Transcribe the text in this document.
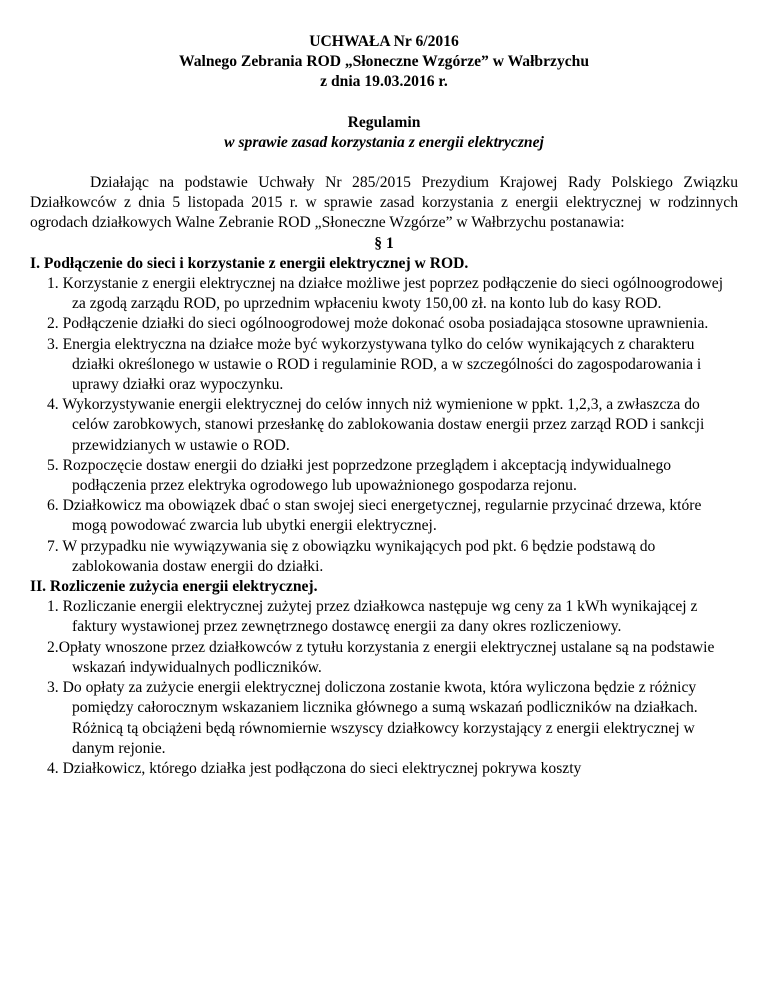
UCHWAŁA Nr 6/2016
Walnego Zebrania ROD „Słoneczne Wzgórze” w Wałbrzychu
z dnia 19.03.2016 r.
Regulamin
w sprawie zasad korzystania z energii elektrycznej

Działając na podstawie Uchwały Nr 285/2015 Prezydium Krajowej Rady Polskiego Związku Działkowców z dnia 5 listopada 2015 r. w sprawie zasad korzystania z energii elektrycznej w rodzinnych ogrodach działkowych Walne Zebranie ROD „Słoneczne Wzgórze” w Wałbrzychu postanawia:

§ 1

I. Podłączenie do sieci i korzystanie z energii elektrycznej w ROD.

1. Korzystanie z energii elektrycznej na działce możliwe jest poprzez podłączenie do sieci ogólnoogrodowej za zgodą zarządu ROD, po uprzednim wpłaceniu kwoty 150,00 zł. na konto lub do kasy ROD.
2. Podłączenie działki do sieci ogólnoogrodowej może dokonać osoba posiadająca stosowne uprawnienia.
3. Energia elektryczna na działce może być wykorzystywana tylko do celów wynikających z charakteru działki określonego w ustawie o ROD i regulaminie ROD, a w szczególności do zagospodarowania i uprawy działki oraz wypoczynku.
4. Wykorzystywanie energii elektrycznej do celów innych niż wymienione w ppkt. 1,2,3, a zwłaszcza do celów zarobkowych, stanowi przesłankę do zablokowania dostaw energii przez zarząd ROD i sankcji przewidzianych w ustawie o ROD.
5. Rozpoczęcie dostaw energii do działki jest poprzedzone przeglądem i akceptacją indywidualnego podłączenia przez elektryka ogrodowego lub upoważnionego gospodarza rejonu.
6. Działkowicz ma obowiązek dbać o stan swojej sieci energetycznej, regularnie przycinać drzewa, które mogą powodować zwarcia lub ubytki energii elektrycznej.
7. W przypadku nie wywiązywania się z obowiązku wynikających pod pkt. 6 będzie podstawą do zablokowania dostaw energii do działki.

II. Rozliczenie zużycia energii elektrycznej.

1. Rozliczanie energii elektrycznej zużytej przez działkowca następuje wg ceny za 1 kWh wynikającej z faktury wystawionej przez zewnętrznego dostawcę energii za dany okres rozliczeniowy.
2.Opłaty wnoszone przez działkowców z tytułu korzystania z energii elektrycznej ustalane są na podstawie wskazań indywidualnych podliczników.
3. Do opłaty za zużycie energii elektrycznej doliczona zostanie kwota, która wyliczona będzie z różnicy pomiędzy całorocznym wskazaniem licznika głównego a sumą wskazań podliczników na działkach. Różnicą tą obciążeni będą równomiernie wszyscy działkowcy korzystający z energii elektrycznej w danym rejonie.
4. Działkowicz, którego działka jest podłączona do sieci elektrycznej pokrywa koszty
